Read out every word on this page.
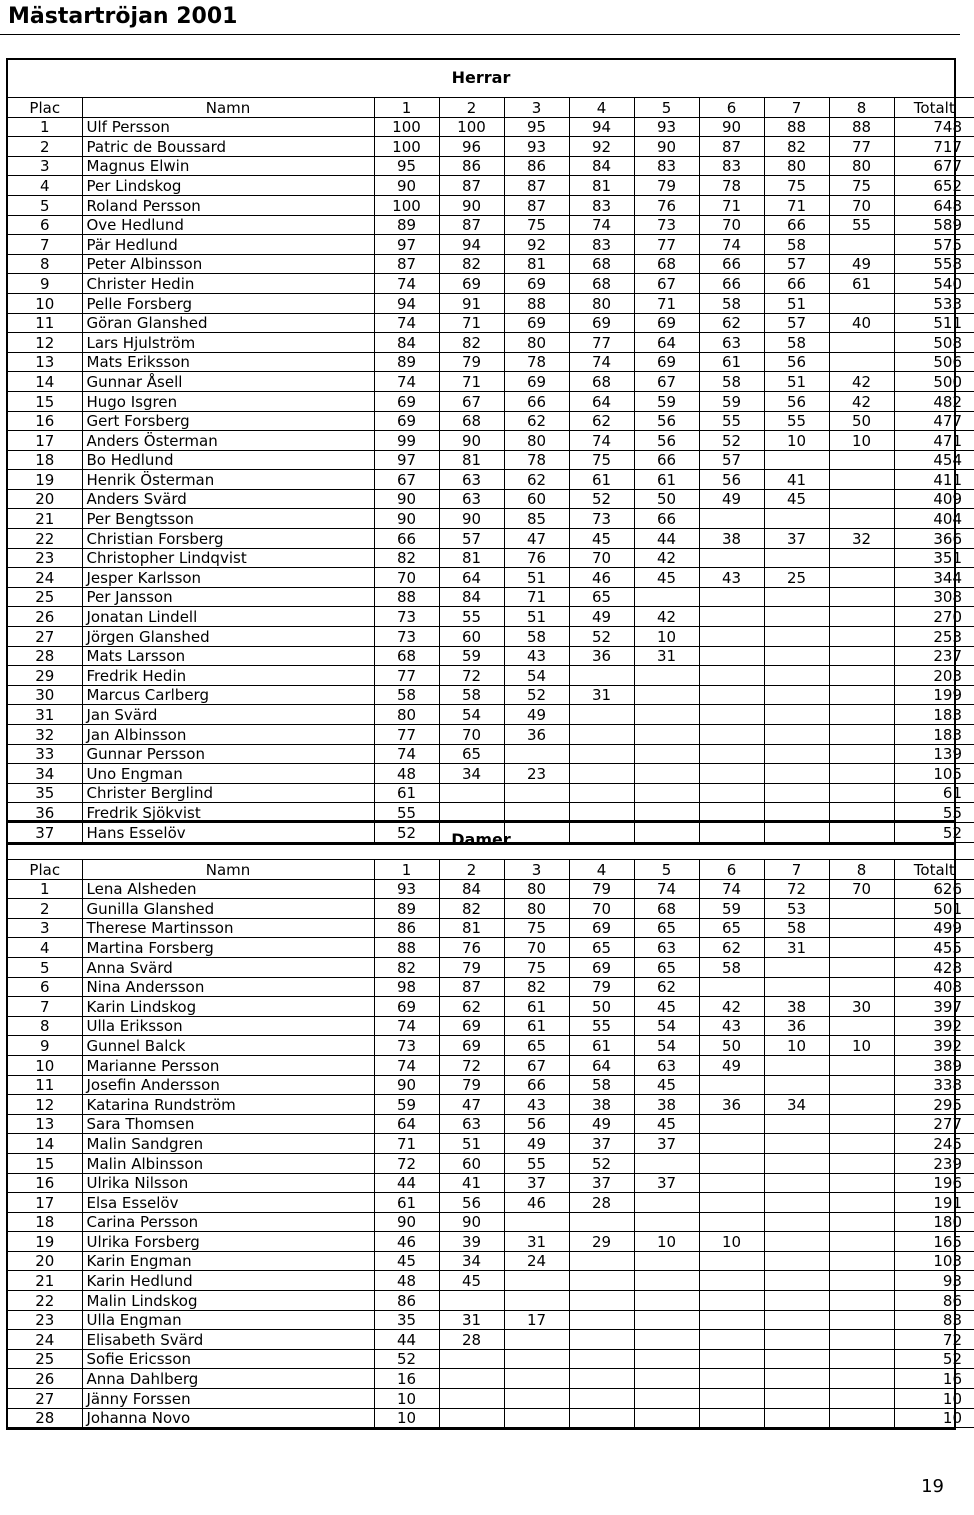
Mästartröjan 2001
Herrar
Plac	Namn	1	2	3	4	5	6	7	8	Totalt
1	Ulf Persson	100	100	95	94	93	90	88	88	748
2	Patric de Boussard	100	96	93	92	90	87	82	77	717
3	Magnus Elwin	95	86	86	84	83	83	80	80	677
4	Per Lindskog	90	87	87	81	79	78	75	75	652
5	Roland Persson	100	90	87	83	76	71	71	70	648
6	Ove Hedlund	89	87	75	74	73	70	66	55	589
7	Pär Hedlund	97	94	92	83	77	74	58		575
8	Peter Albinsson	87	82	81	68	68	66	57	49	558
9	Christer Hedin	74	69	69	68	67	66	66	61	540
10	Pelle Forsberg	94	91	88	80	71	58	51		533
11	Göran Glanshed	74	71	69	69	69	62	57	40	511
12	Lars Hjulström	84	82	80	77	64	63	58		508
13	Mats Eriksson	89	79	78	74	69	61	56		506
14	Gunnar Åsell	74	71	69	68	67	58	51	42	500
15	Hugo Isgren	69	67	66	64	59	59	56	42	482
16	Gert Forsberg	69	68	62	62	56	55	55	50	477
17	Anders Österman	99	90	80	74	56	52	10	10	471
18	Bo Hedlund	97	81	78	75	66	57			454
19	Henrik Österman	67	63	62	61	61	56	41		411
20	Anders Svärd	90	63	60	52	50	49	45		409
21	Per Bengtsson	90	90	85	73	66				404
22	Christian Forsberg	66	57	47	45	44	38	37	32	366
23	Christopher Lindqvist	82	81	76	70	42				351
24	Jesper Karlsson	70	64	51	46	45	43	25		344
25	Per Jansson	88	84	71	65					308
26	Jonatan Lindell	73	55	51	49	42				270
27	Jörgen Glanshed	73	60	58	52	10				253
28	Mats Larsson	68	59	43	36	31				237
29	Fredrik Hedin	77	72	54						203
30	Marcus Carlberg	58	58	52	31					199
31	Jan Svärd	80	54	49						183
32	Jan Albinsson	77	70	36						183
33	Gunnar Persson	74	65							139
34	Uno Engman	48	34	23						105
35	Christer Berglind	61								61
36	Fredrik Sjökvist	55								55
37	Hans Esselöv	52								52
Damer
Plac	Namn	1	2	3	4	5	6	7	8	Totalt
1	Lena Alsheden	93	84	80	79	74	74	72	70	626
2	Gunilla Glanshed	89	82	80	70	68	59	53		501
3	Therese Martinsson	86	81	75	69	65	65	58		499
4	Martina Forsberg	88	76	70	65	63	62	31		455
5	Anna Svärd	82	79	75	69	65	58			428
6	Nina Andersson	98	87	82	79	62				408
7	Karin Lindskog	69	62	61	50	45	42	38	30	397
8	Ulla Eriksson	74	69	61	55	54	43	36		392
9	Gunnel Balck	73	69	65	61	54	50	10	10	392
10	Marianne Persson	74	72	67	64	63	49			389
11	Josefin Andersson	90	79	66	58	45				338
12	Katarina Rundström	59	47	43	38	38	36	34		295
13	Sara Thomsen	64	63	56	49	45				277
14	Malin Sandgren	71	51	49	37	37				245
15	Malin Albinsson	72	60	55	52					239
16	Ulrika Nilsson	44	41	37	37	37				196
17	Elsa Esselöv	61	56	46	28					191
18	Carina Persson	90	90							180
19	Ulrika Forsberg	46	39	31	29	10	10			165
20	Karin Engman	45	34	24						103
21	Karin Hedlund	48	45							93
22	Malin Lindskog	86								86
23	Ulla Engman	35	31	17						83
24	Elisabeth Svärd	44	28							72
25	Sofie Ericsson	52								52
26	Anna Dahlberg	16								16
27	Jänny Forssen	10								10
28	Johanna Novo	10								10
19
